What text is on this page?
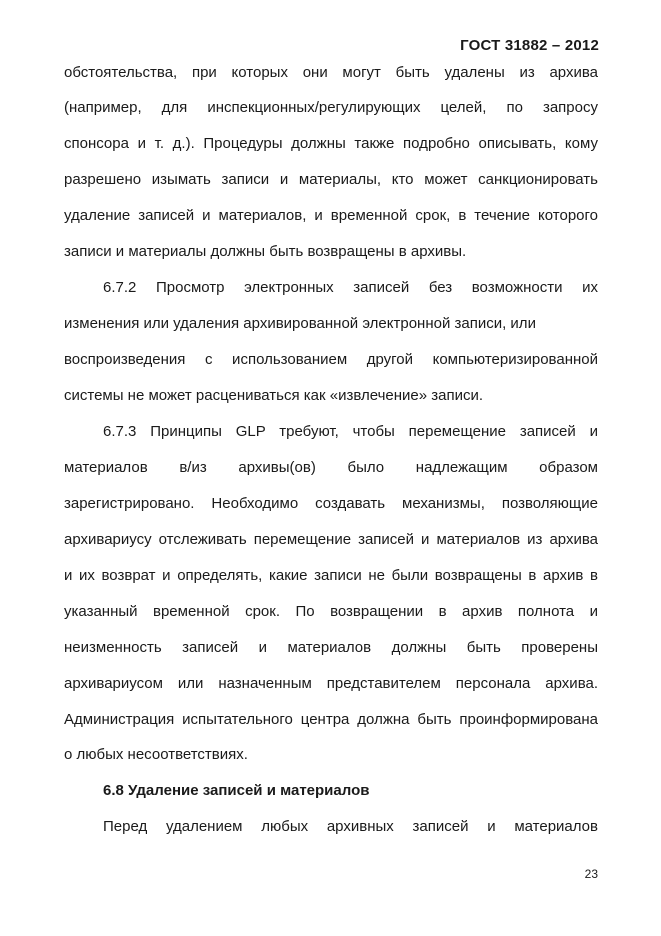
ГОСТ 31882 – 2012
обстоятельства, при которых они могут быть удалены из архива
(например, для инспекционных/регулирующих целей, по запросу
спонсора и т. д.). Процедуры должны также подробно описывать, кому
разрешено изымать записи и материалы, кто может санкционировать
удаление записей и материалов, и временной срок, в течение которого
записи и материалы должны быть возвращены в архивы.
6.7.2 Просмотр электронных записей без возможности их
изменения или удаления архивированной электронной записи, или
воспроизведения с использованием другой компьютеризированной
системы не может расцениваться как «извлечение» записи.
6.7.3 Принципы GLP требуют, чтобы перемещение записей и
материалов в/из архивы(ов) было надлежащим образом
зарегистрировано. Необходимо создавать механизмы, позволяющие
архивариусу отслеживать перемещение записей и материалов из архива
и их возврат и определять, какие записи не были возвращены в архив в
указанный временной срок. По возвращении в архив полнота и
неизменность записей и материалов должны быть проверены
архивариусом или назначенным представителем персонала архива.
Администрация испытательного центра должна быть проинформирована
о любых несоответствиях.
6.8 Удаление записей и материалов
Перед удалением любых архивных записей и материалов
23
